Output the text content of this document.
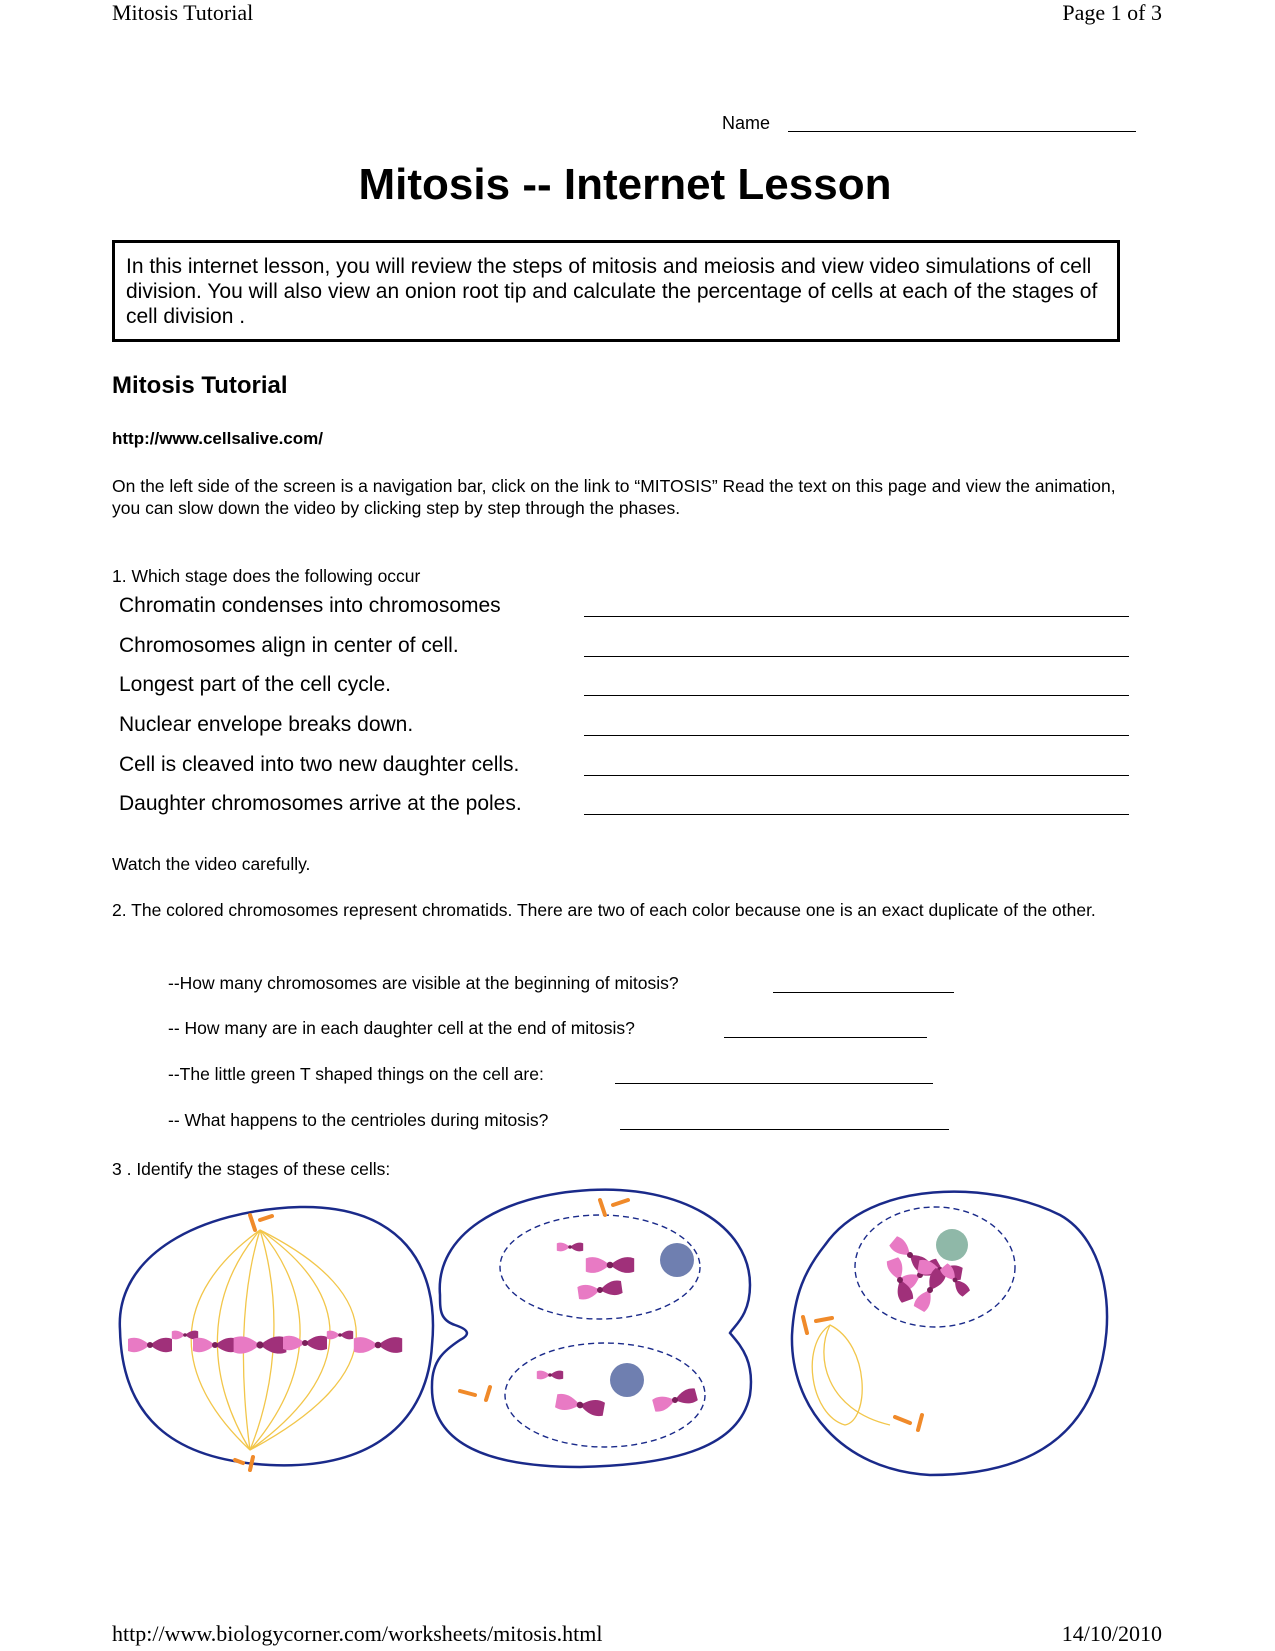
Mitosis Tutorial	Page 1 of 3
Name
Mitosis -- Internet Lesson
In this internet lesson, you will review the steps of mitosis and meiosis and view video simulations of cell division. You will also view an onion root tip and calculate the percentage of cells at each of the stages of cell division .
Mitosis Tutorial
http://www.cellsalive.com/
On the left side of the screen is a navigation bar, click on the link to “MITOSIS” Read the text on this page and view the animation, you can slow down the video by clicking step by step through the phases.
1. Which stage does the following occur
Chromatin condenses into chromosomes
Chromosomes align in center of cell.
Longest part of the cell cycle.
Nuclear envelope breaks down.
Cell is cleaved into two new daughter cells.
Daughter chromosomes arrive at the poles.
Watch the video carefully.
2. The colored chromosomes represent chromatids. There are two of each color because one is an exact duplicate of the other.
--How many chromosomes are visible at the beginning of mitosis?
-- How many are in each daughter cell at the end of mitosis?
--The little green T shaped things on the cell are:
-- What happens to the centrioles during mitosis?
3 . Identify the stages of these cells:
http://www.biologycorner.com/worksheets/mitosis.html	14/10/2010
